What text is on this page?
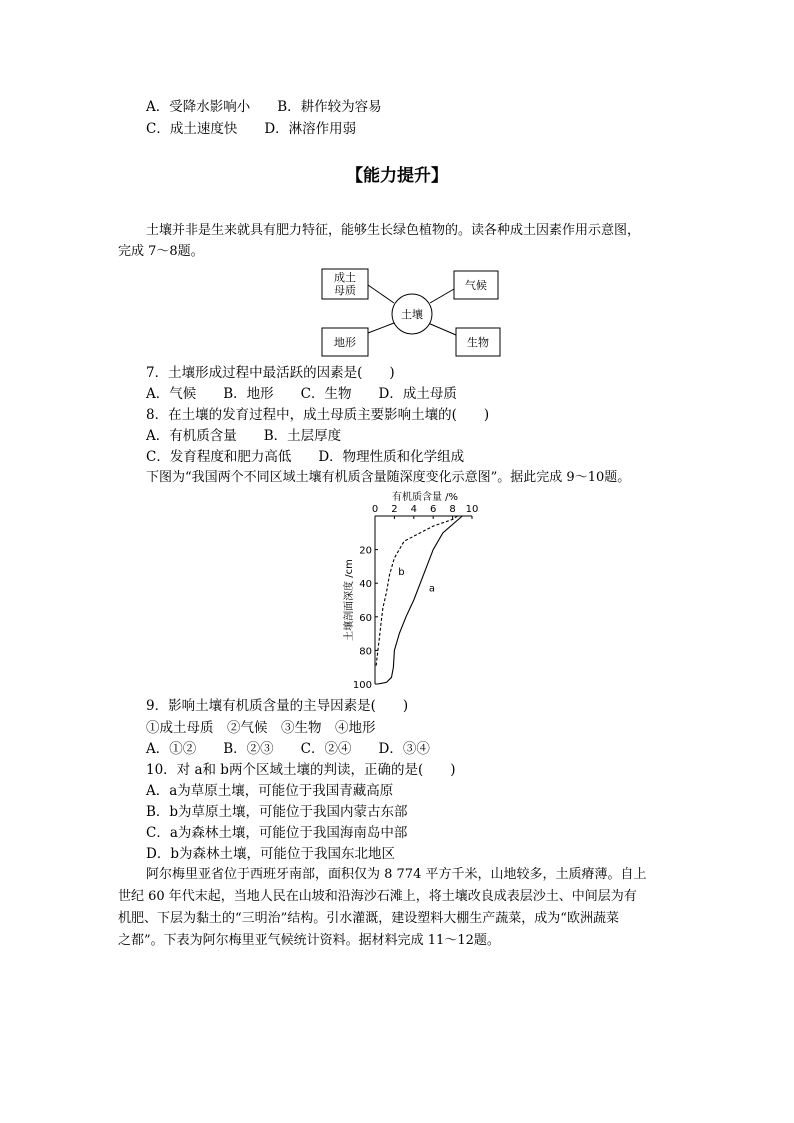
A．受降水影响小　　B．耕作较为容易
C．成土速度快　　D．淋溶作用弱
【能力提升】
土壤并非是生来就具有肥力特征，能够生长绿色植物的。读各种成土因素作用示意图，
完成 7～8题。
成土
母质	气候
土壤
地形	生物
7．土壤形成过程中最活跃的因素是(　　)
A．气候　　B．地形　　C．生物　　D．成土母质
8．在土壤的发育过程中，成土母质主要影响土壤的(　　)
A．有机质含量　　B．土层厚度
C．发育程度和肥力高低　　D．物理性质和化学组成
下图为“我国两个不同区域土壤有机质含量随深度变化示意图”。据此完成 9～10题。
有机质含量 /%
0 2 4 6 8 10
20
40
60
80
100
土壤剖面深度 /cm	a
b
9．影响土壤有机质含量的主导因素是(　　)
①成土母质　②气候　③生物　④地形
A．①②　　B．②③　　C．②④　　D．③④
10．对 a和 b两个区域土壤的判读，正确的是(　　)
A．a为草原土壤，可能位于我国青藏高原
B．b为草原土壤，可能位于我国内蒙古东部
C．a为森林土壤，可能位于我国海南岛中部
D．b为森林土壤，可能位于我国东北地区
阿尔梅里亚省位于西班牙南部，面积仅为 8 774 平方千米，山地较多，土质瘠薄。自上
世纪 60 年代末起，当地人民在山坡和沿海沙石滩上，将土壤改良成表层沙土、中间层为有
机肥、下层为黏土的“三明治”结构。引水灌溉，建设塑料大棚生产蔬菜，成为“欧洲蔬菜
之都”。下表为阿尔梅里亚气候统计资料。据材料完成 11～12题。
